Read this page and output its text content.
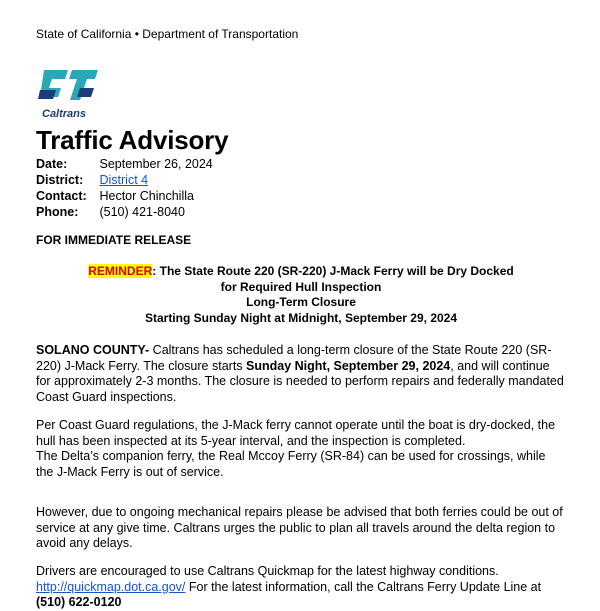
State of California • Department of Transportation
Caltrans
Traffic Advisory
Date:	September 26, 2024
District: District 4
Contact: Hector Chinchilla
Phone: (510) 421-8040
FOR IMMEDIATE RELEASE
REMINDER: The State Route 220 (SR-220) J-Mack Ferry will be Dry Docked
for Required Hull Inspection
Long-Term Closure
Starting Sunday Night at Midnight, September 29, 2024
SOLANO COUNTY- Caltrans has scheduled a long-term closure of the State Route 220 (SR-220) J-Mack Ferry. The closure starts Sunday Night, September 29, 2024, and will continue for approximately 2-3 months. The closure is needed to perform repairs and federally mandated Coast Guard inspections.
Per Coast Guard regulations, the J-Mack ferry cannot operate until the boat is dry-docked, the hull has been inspected at its 5-year interval, and the inspection is completed.
The Delta’s companion ferry, the Real Mccoy Ferry (SR-84) can be used for crossings, while the J-Mack Ferry is out of service.
However, due to ongoing mechanical repairs please be advised that both ferries could be out of service at any give time. Caltrans urges the public to plan all travels around the delta region to avoid any delays.
Drivers are encouraged to use Caltrans Quickmap for the latest highway conditions.
http://quickmap.dot.ca.gov/ For the latest information, call the Caltrans Ferry Update Line at (510) 622-0120
